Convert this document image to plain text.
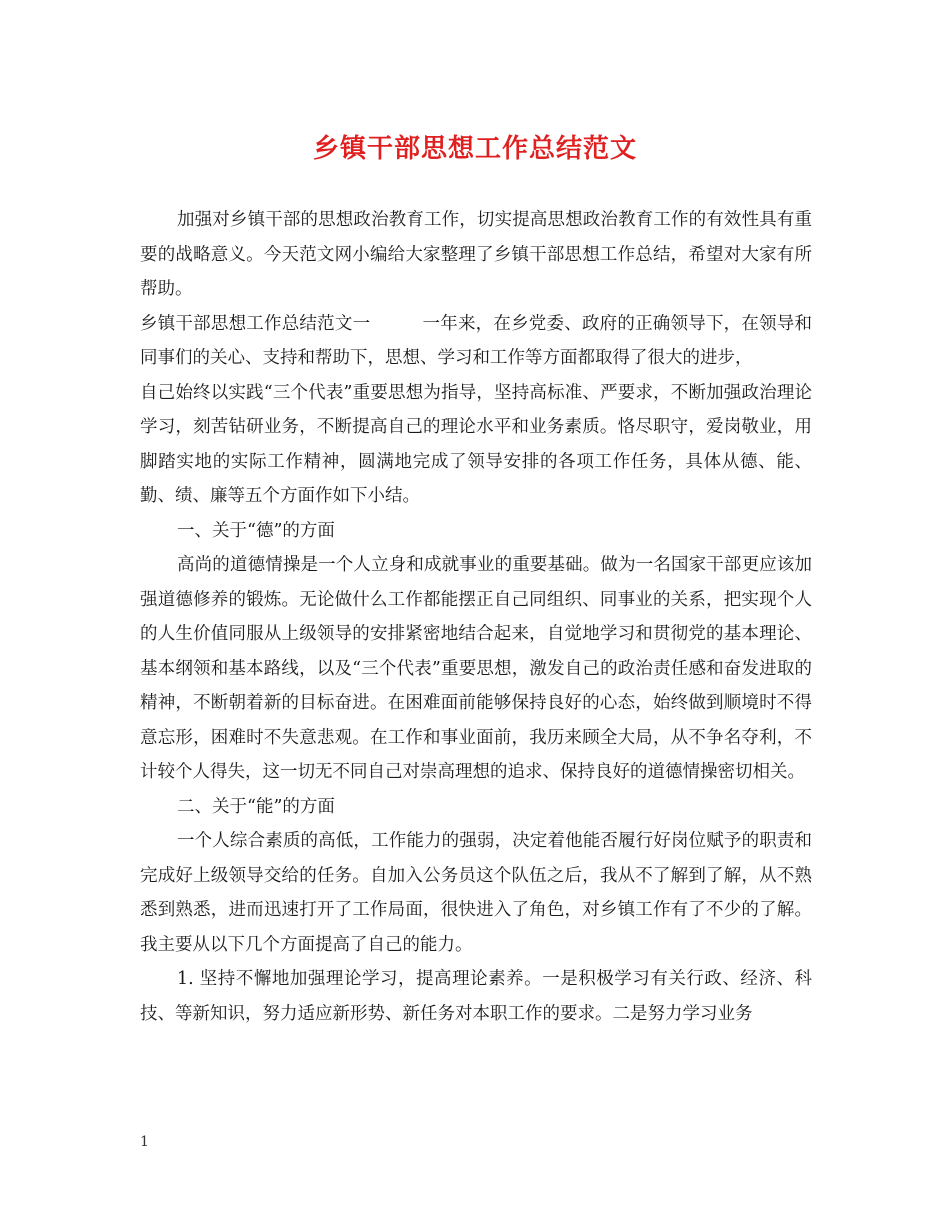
乡镇干部思想工作总结范文

加强对乡镇干部的思想政治教育工作，切实提高思想政治教育工作的有效性具有重要的战略意义。今天范文网小编给大家整理了乡镇干部思想工作总结，希望对大家有所帮助。

乡镇干部思想工作总结范文一	一年来，在乡党委、政府的正确领导下，在领导和同事们的关心、支持和帮助下，思想、学习和工作等方面都取得了很大的进步，

自己始终以实践“三个代表”重要思想为指导，坚持高标准、严要求，不断加强政治理论学习，刻苦钻研业务，不断提高自己的理论水平和业务素质。恪尽职守，爱岗敬业，用脚踏实地的实际工作精神，圆满地完成了领导安排的各项工作任务，具体从德、能、勤、绩、廉等五个方面作如下小结。

一、关于“德”的方面

高尚的道德情操是一个人立身和成就事业的重要基础。做为一名国家干部更应该加强道德修养的锻炼。无论做什么工作都能摆正自己同组织、同事业的关系，把实现个人的人生价值同服从上级领导的安排紧密地结合起来，自觉地学习和贯彻党的基本理论、基本纲领和基本路线，以及“三个代表”重要思想，激发自己的政治责任感和奋发进取的精神，不断朝着新的目标奋进。在困难面前能够保持良好的心态，始终做到顺境时不得意忘形，困难时不失意悲观。在工作和事业面前，我历来顾全大局，从不争名夺利，不计较个人得失，这一切无不同自己对崇高理想的追求、保持良好的道德情操密切相关。

二、关于“能”的方面

一个人综合素质的高低，工作能力的强弱，决定着他能否履行好岗位赋予的职责和完成好上级领导交给的任务。自加入公务员这个队伍之后，我从不了解到了解，从不熟悉到熟悉，进而迅速打开了工作局面，很快进入了角色，对乡镇工作有了不少的了解。我主要从以下几个方面提高了自己的能力。

1. 坚持不懈地加强理论学习，提高理论素养。一是积极学习有关行政、经济、科技、等新知识，努力适应新形势、新任务对本职工作的要求。二是努力学习业务

1
